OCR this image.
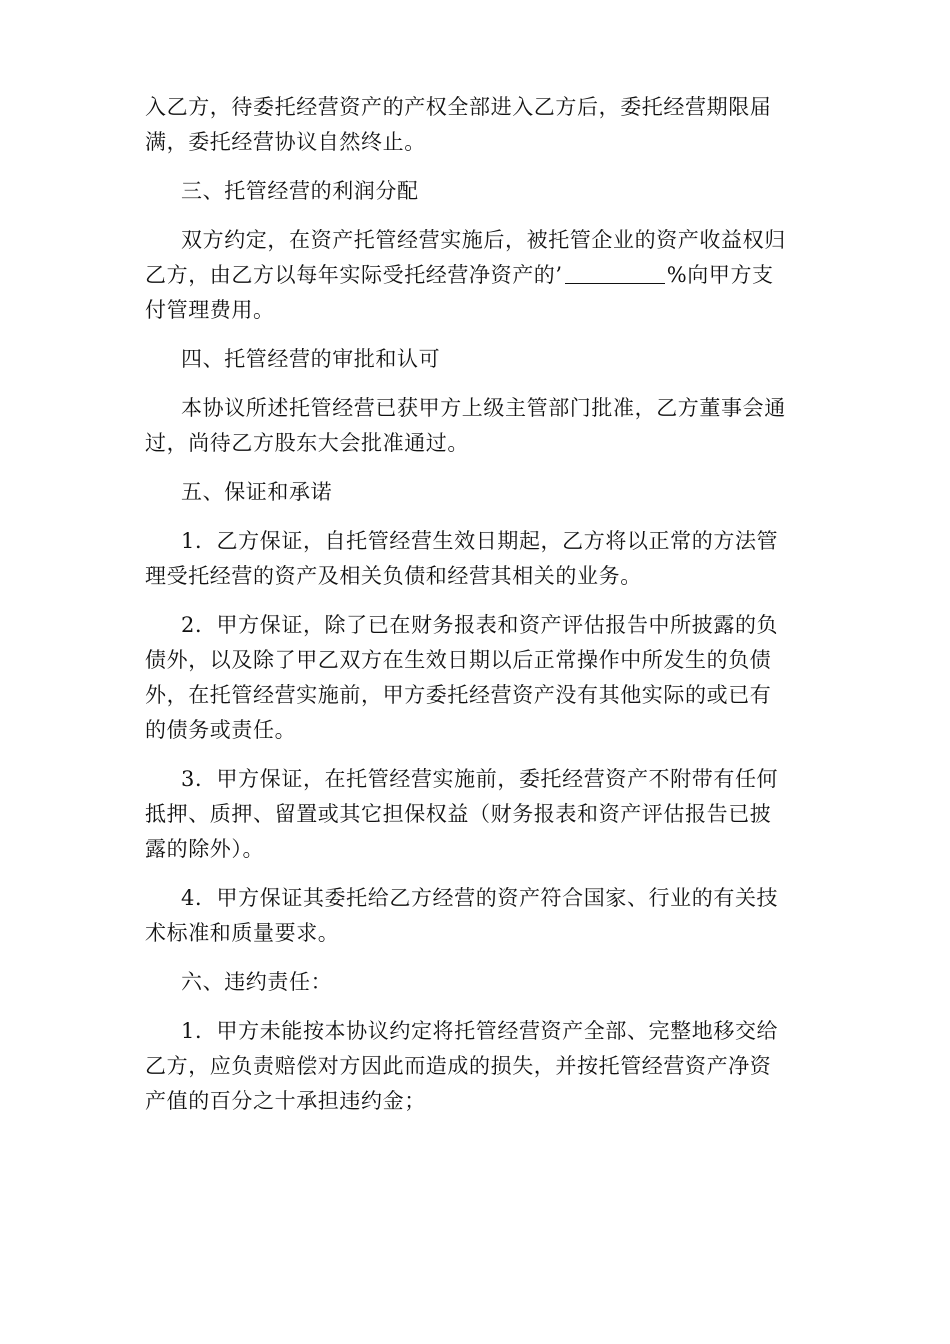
入乙方，待委托经营资产的产权全部进入乙方后，委托经营期限届
满，委托经营协议自然终止。

三、托管经营的利润分配

双方约定，在资产托管经营实施后，被托管企业的资产收益权归
乙方，由乙方以每年实际受托经营净资产的’	%向甲方支
付管理费用。

四、托管经营的审批和认可

本协议所述托管经营已获甲方上级主管部门批准，乙方董事会通
过，尚待乙方股东大会批准通过。

五、保证和承诺

1．乙方保证，自托管经营生效日期起，乙方将以正常的方法管
理受托经营的资产及相关负债和经营其相关的业务。

2．甲方保证，除了已在财务报表和资产评估报告中所披露的负
债外，以及除了甲乙双方在生效日期以后正常操作中所发生的负债
外，在托管经营实施前，甲方委托经营资产没有其他实际的或已有
的债务或责任。

3．甲方保证，在托管经营实施前，委托经营资产不附带有任何
抵押、质押、留置或其它担保权益（财务报表和资产评估报告已披
露的除外）。

4．甲方保证其委托给乙方经营的资产符合国家、行业的有关技
术标准和质量要求。

六、违约责任：

1．甲方未能按本协议约定将托管经营资产全部、完整地移交给
乙方，应负责赔偿对方因此而造成的损失，并按托管经营资产净资
产值的百分之十承担违约金；
